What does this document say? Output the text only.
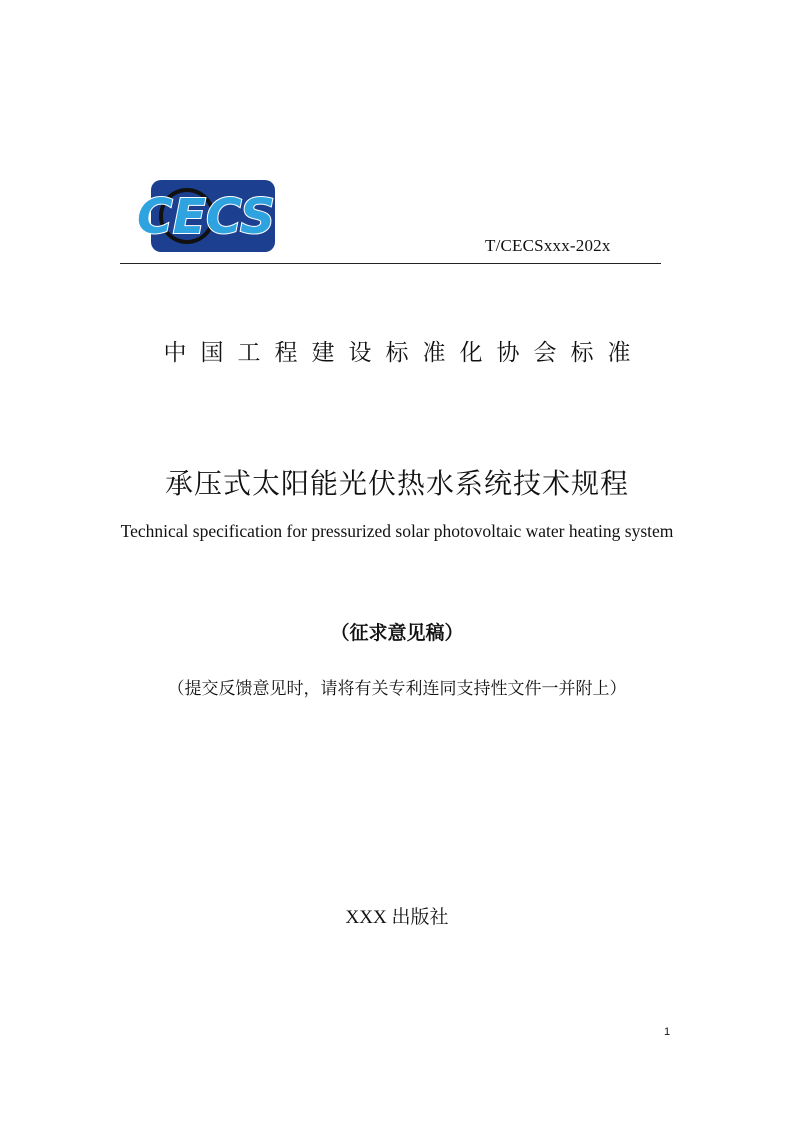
CECS
T/CECSxxx-202x
中国工程建设标准化协会标准
承压式太阳能光伏热水系统技术规程
Technical specification for pressurized solar photovoltaic water heating system
（征求意见稿）
（提交反馈意见时，请将有关专利连同支持性文件一并附上）
XXX 出版社
1
